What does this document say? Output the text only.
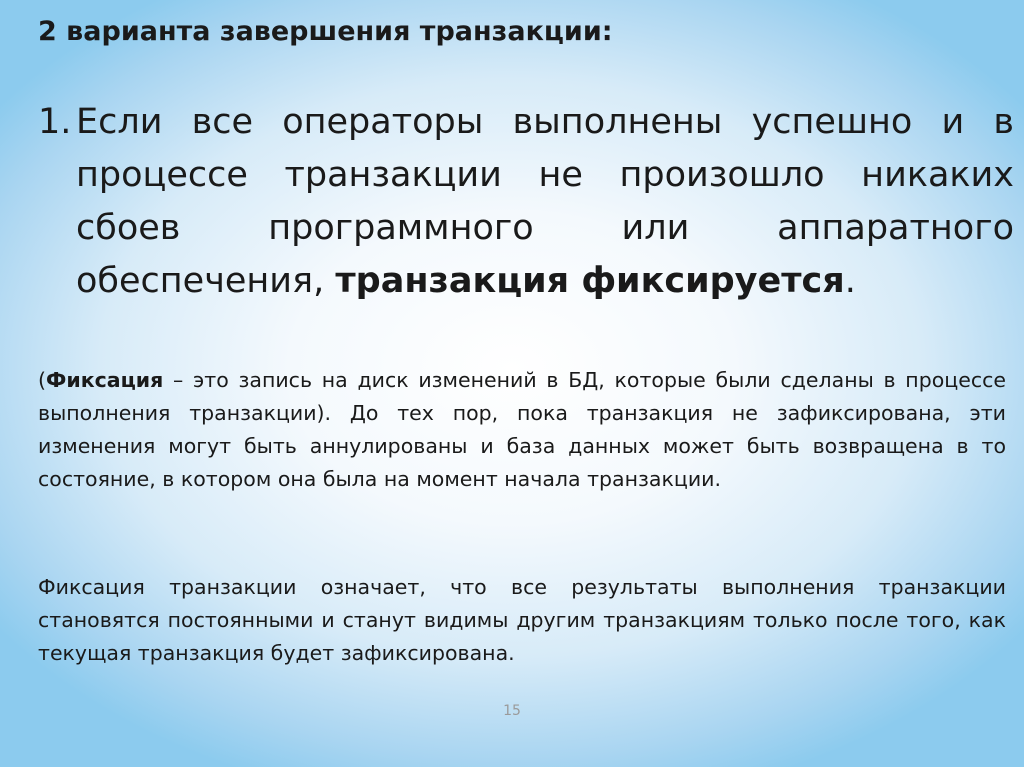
2 варианта завершения транзакции:
1. Если все операторы выполнены успешно и в процессе транзакции не произошло никаких сбоев программного или аппаратного обеспечения, транзакция фиксируется.
(Фиксация – это запись на диск изменений в БД, которые были сделаны в процессе выполнения транзакции). До тех пор, пока транзакция не зафиксирована, эти изменения могут быть аннулированы и база данных может быть возвращена в то состояние, в котором она была на момент начала транзакции.
Фиксация транзакции означает, что все результаты выполнения транзакции становятся постоянными и станут видимы другим транзакциям только после того, как текущая транзакция будет зафиксирована.
15
